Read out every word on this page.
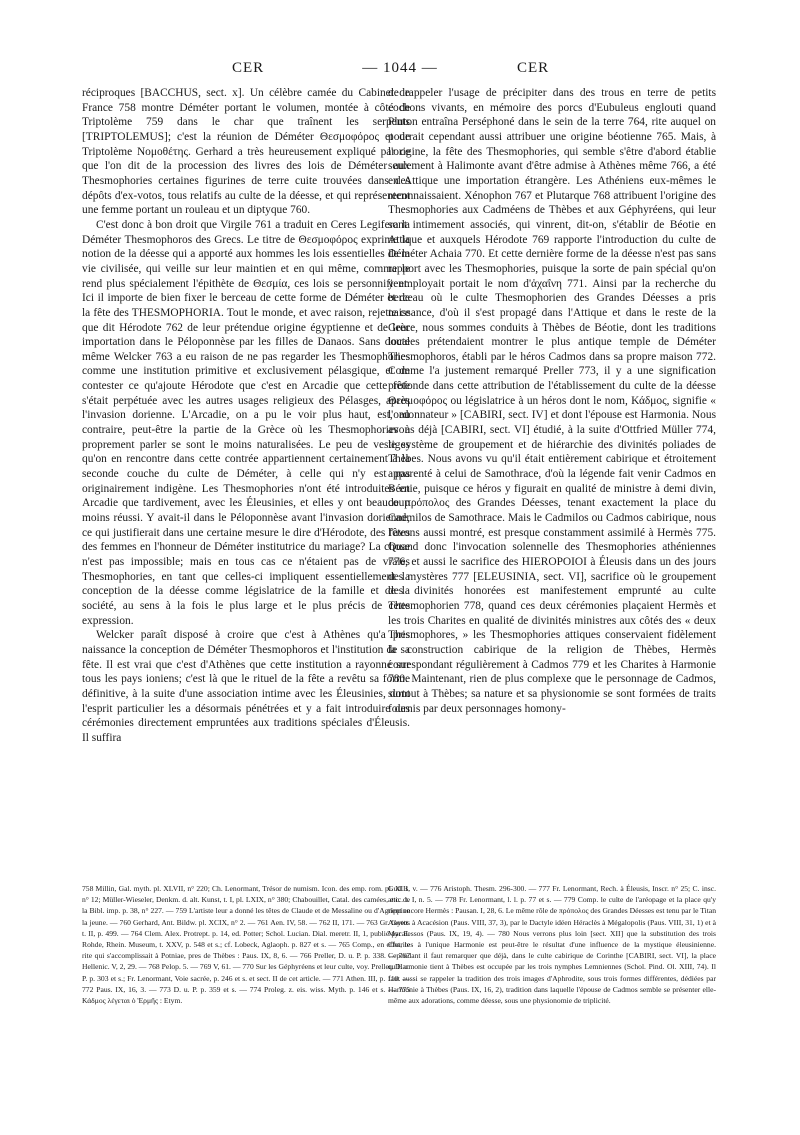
CER	— 1044 —	CER

réciproques [BACCHUS, sect. x]. Un célèbre camée du Cabinet de France 758 montre Déméter portant le volumen, montée à côté de Triptolème 759 dans le char que traînent les serpents [TRIPTOLEMUS]; c'est la réunion de Déméter Θεσμοφόρος et de Triptolème Νομοθέτης. Gerhard a très heureusement expliqué par ce que l'on dit de la procession des livres des lois de Déméter aux Thesmophories certaines figurines de terre cuite trouvées dans des dépôts d'ex-votos, tous relatifs au culte de la déesse, et qui représentent une femme portant un rouleau et un diptyque 760.

C'est donc à bon droit que Virgile 761 a traduit en Ceres Legifera la Déméter Thesmophoros des Grecs. Le titre de Θεσμοφόρος exprime la notion de la déesse qui a apporté aux hommes les lois essentielles de la vie civilisée, qui veille sur leur maintien et en qui même, comme le rend plus spécialement l'épithète de Θεσμία, ces lois se personnifient. Ici il importe de bien fixer le berceau de cette forme de Déméter et de la fête des THESMOPHORIA. Tout le monde, et avec raison, rejette ce que dit Hérodote 762 de leur prétendue origine égyptienne et de leur importation dans le Péloponnèse par les filles de Danaos. Sans doute même Welcker 763 a eu raison de ne pas regarder les Thesmophories comme une institution primitive et exclusivement pélasgique, et de contester ce qu'ajoute Hérodote que c'est en Arcadie que cette fête s'était perpétuée avec les autres usages religieux des Pélasges, après l'invasion dorienne. L'Arcadie, on a pu le voir plus haut, est, au contraire, peut-être la partie de la Grèce où les Thesmophories à proprement parler se sont le moins naturalisées. Le peu de vestiges qu'on en rencontre dans cette contrée appartiennent certainement à la seconde couche du culte de Déméter, à celle qui n'y est pas originairement indigène. Les Thesmophories n'ont été introduites en Arcadie que tardivement, avec les Éleusinies, et elles y ont beaucoup moins réussi. Y avait-il dans le Péloponnèse avant l'invasion dorienne, ce qui justifierait dans une certaine mesure le dire d'Hérodote, des fêtes des femmes en l'honneur de Déméter institutrice du mariage? La chose n'est pas impossible; mais en tous cas ce n'étaient pas de vraies Thesmophories, en tant que celles-ci impliquent essentiellement la conception de la déesse comme législatrice de la famille et de la société, au sens à la fois le plus large et le plus précis de cette expression.

Welcker paraît disposé à croire que c'est à Athènes qu'a pris naissance la conception de Déméter Thesmophoros et l'institution de sa fête. Il est vrai que c'est d'Athènes que cette institution a rayonné sur tous les pays ioniens; c'est là que le rituel de la fête a revêtu sa forme définitive, à la suite d'une association intime avec les Éleusinies, dont l'esprit particulier les a désormais pénétrées et y a fait introduire des cérémonies directement empruntées aux traditions spéciales d'Éleusis. Il suffira

de rappeler l'usage de précipiter dans des trous en terre de petits cochons vivants, en mémoire des porcs d'Eubuleus englouti quand Pluton entraîna Perséphoné dans le sein de la terre 764, rite auquel on pourrait cependant aussi attribuer une origine béotienne 765. Mais, à l'origine, la fête des Thesmophories, qui semble s'être d'abord établie seulement à Halimonte avant d'être admise à Athènes même 766, a été en Attique une importation étrangère. Les Athéniens eux-mêmes le reconnaissaient. Xénophon 767 et Plutarque 768 attribuent l'origine des Thesmophories aux Cadméens de Thèbes et aux Géphyréens, qui leur sont intimement associés, qui vinrent, dit-on, s'établir de Béotie en Attique et auxquels Hérodote 769 rapporte l'introduction du culte de Déméter Achaia 770. Et cette dernière forme de la déesse n'est pas sans rapport avec les Thesmophories, puisque la sorte de pain spécial qu'on y employait portait le nom d'ἀχαΐνη 771. Ainsi par la recherche du berceau où le culte Thesmophorien des Grandes Déesses a pris naissance, d'où il s'est propagé dans l'Attique et dans le reste de la Grèce, nous sommes conduits à Thèbes de Béotie, dont les traditions locales prétendaient montrer le plus antique temple de Déméter Thesmophoros, établi par le héros Cadmos dans sa propre maison 772. Comme l'a justement remarqué Preller 773, il y a une signification profonde dans cette attribution de l'établissement du culte de la déesse Θεσμοφόρος ou législatrice à un héros dont le nom, Κάδμος, signifie « l'ordonnateur » [CABIRI, sect. IV] et dont l'épouse est Harmonia. Nous avons déjà [CABIRI, sect. VI] étudié, à la suite d'Ottfried Müller 774, le système de groupement et de hiérarchie des divinités poliades de Thèbes. Nous avons vu qu'il était entièrement cabirique et étroitement apparenté à celui de Samothrace, d'où la légende fait venir Cadmos en Béotie, puisque ce héros y figurait en qualité de ministre à demi divin, de πρόπολος des Grandes Déesses, tenant exactement la place du Cadmilos de Samothrace. Mais le Cadmilos ou Cadmos cabirique, nous l'avons aussi montré, est presque constamment assimilé à Hermès 775. Quand donc l'invocation solennelle des Thesmophories athéniennes 776, et aussi le sacrifice des HIEROPOIOI à Éleusis dans un des jours des mystères 777 [ELEUSINIA, sect. VI], sacrifice où le groupement des divinités honorées est manifestement emprunté au culte Thesmophorien 778, quand ces deux cérémonies plaçaient Hermès et les trois Charites en qualité de divinités ministres aux côtés des « deux Thesmophores, » les Thesmophories attiques conservaient fidèlement la construction cabirique de la religion de Thèbes, Hermès correspondant régulièrement à Cadmos 779 et les Charites à Harmonie 780. Maintenant, rien de plus complexe que le personnage de Cadmos, surtout à Thèbes; sa nature et sa physionomie se sont formées de traits fournis par deux personnages homony-

758 Millin, Gal. myth. pl. XLVII, n° 220; Ch. Lenormant, Trésor de numism. Icon. des emp. rom. pl. XIII, n° 12; Müller-Wieseler, Denkm. d. alt. Kunst, t. I, pl. LXIX, n° 380; Chabouillet, Catal. des camées, etc. de la Bibl. imp. p. 38, n° 227. — 759 L'artiste leur a donné les têtes de Claude et de Messaline ou d'Agrippine la jeune. — 760 Gerhard, Ant. Bildw. pl. XCIX, n° 2. — 761 Aen. IV, 58. — 762 II, 171. — 763 Gr. Goett. t. II, p. 499. — 764 Clem. Alex. Protrept. p. 14, ed. Potter; Schol. Lucian. Dial. meretr. II, 1, publié par E. Rohde, Rhein. Museum, t. XXV, p. 548 et s.; cf. Lobeck, Aglaoph. p. 827 et s. — 765 Comp., en effet, le rite qui s'accomplissait à Potniae, pres de Thèbes : Paus. IX, 8, 6. — 766 Preller, D. u. P. p. 338. — 767 Hellenic. V, 2, 29. — 768 Pelop. 5. — 769 V, 61. — 770 Sur les Géphyréens et leur culte, voy. Preller, D. u. P. p. 303 et s.; Fr. Lenormant, Voie sacrée, p. 246 et s. et sect. II de cet article. — 771 Athen. III, p. 110. — 772 Paus. IX, 16, 3. — 773 D. u. P. p. 359 et s. — 774 Proleg. z. eis. wiss. Myth. p. 146 et s. — 775 Κάδμος λέγεται ὁ Ἑρμῆς : Etym.

Gud. s. v. — 776 Aristoph. Thesm. 296-300. — 777 Fr. Lenormant, Rech. à Éleusis, Inscr. n° 25; C. insc. attic. t. I, n. 5. — 778 Fr. Lenormant, l. l. p. 77 et s. — 779 Comp. le culte de l'aréopage et la place qu'y tient encore Hermès : Pausan. I, 28, 6. Le même rôle de πρόπολος des Grandes Déesses est tenu par le Titan Anytos à Acacésion (Paus. VIII, 37, 3), par le Dactyle idéen Héraclès à Mégalopolis (Paus. VIII, 31, 1) et à Mycalessos (Paus. IX, 19, 4). — 780 Nous verrons plus loin [sect. XII] que la substitution des trois Charites à l'unique Harmonie est peut-être le résultat d'une influence de la mystique éleusinienne. Cependant il faut remarquer que déjà, dans le culte cabirique de Corinthe [CABIRI, sect. VI], la place qu'Harmonie tient à Thèbes est occupée par les trois nymphes Lemniennes (Schol. Pind. Ol. XIII, 74). Il faut aussi se rappeler la tradition des trois images d'Aphrodite, sous trois formes différentes, dédiées par Harmonie à Thèbes (Paus. IX, 16, 2), tradition dans laquelle l'épouse de Cadmos semble se présenter elle-même aux adorations, comme déesse, sous une physionomie de triplicité.
